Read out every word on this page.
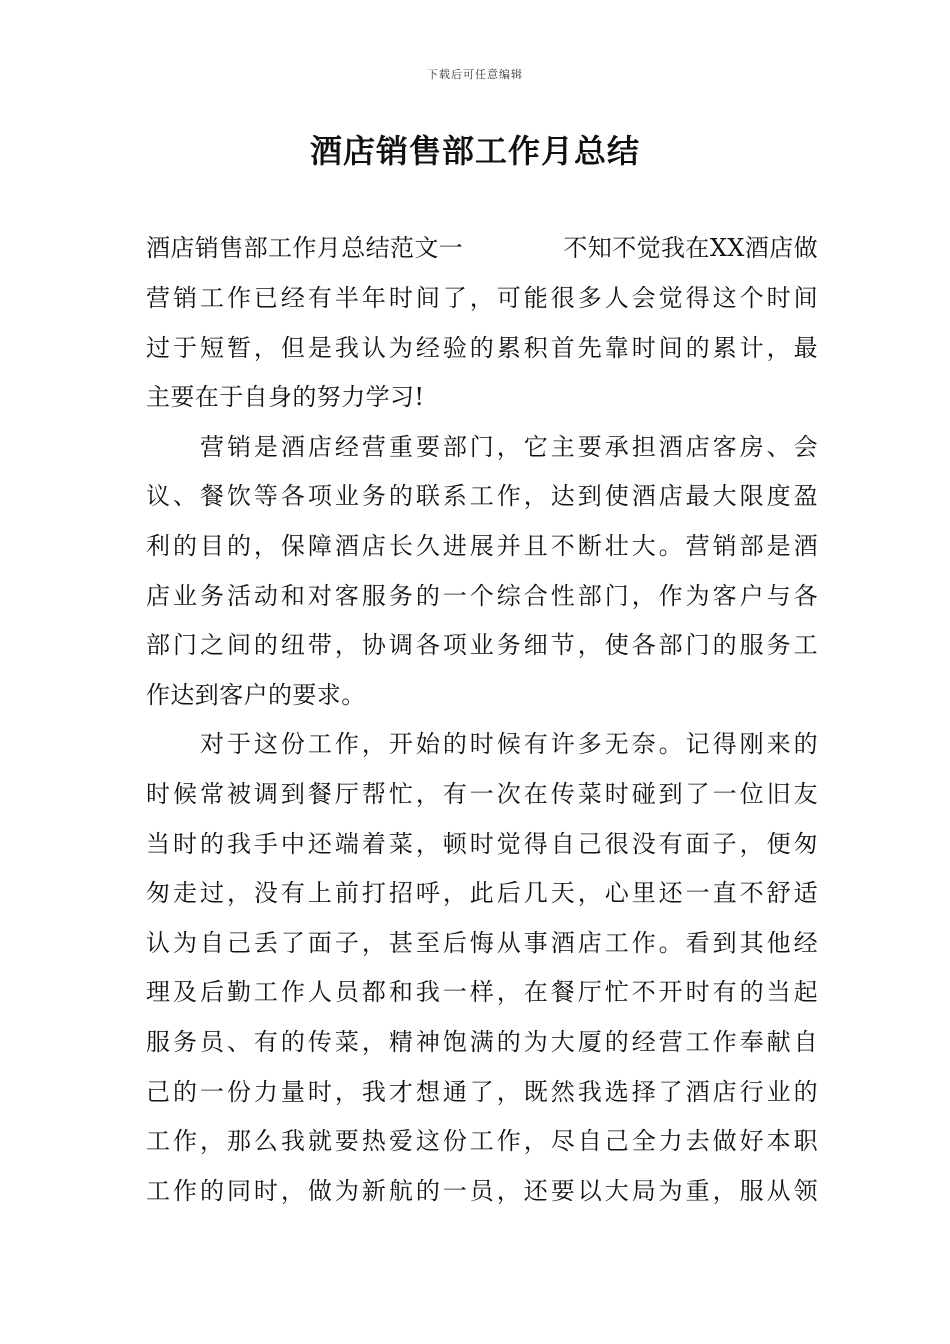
下载后可任意编辑
酒店销售部工作月总结
酒店销售部工作月总结范文一	不知不觉我在XX酒店做
营销工作已经有半年时间了，可能很多人会觉得这个时间
过于短暂，但是我认为经验的累积首先靠时间的累计，最
主要在于自身的努力学习!
　　营销是酒店经营重要部门，它主要承担酒店客房、会
议、餐饮等各项业务的联系工作，达到使酒店最大限度盈
利的目的，保障酒店长久进展并且不断壮大。营销部是酒
店业务活动和对客服务的一个综合性部门，作为客户与各
部门之间的纽带，协调各项业务细节，使各部门的服务工
作达到客户的要求。
　　对于这份工作，开始的时候有许多无奈。记得刚来的
时候常被调到餐厅帮忙，有一次在传菜时碰到了一位旧友
当时的我手中还端着菜，顿时觉得自己很没有面子，便匆
匆走过，没有上前打招呼，此后几天，心里还一直不舒适
认为自己丢了面子，甚至后悔从事酒店工作。看到其他经
理及后勤工作人员都和我一样，在餐厅忙不开时有的当起
服务员、有的传菜，精神饱满的为大厦的经营工作奉献自
己的一份力量时，我才想通了，既然我选择了酒店行业的
工作，那么我就要热爱这份工作，尽自己全力去做好本职
工作的同时，做为新航的一员，还要以大局为重，服从领
